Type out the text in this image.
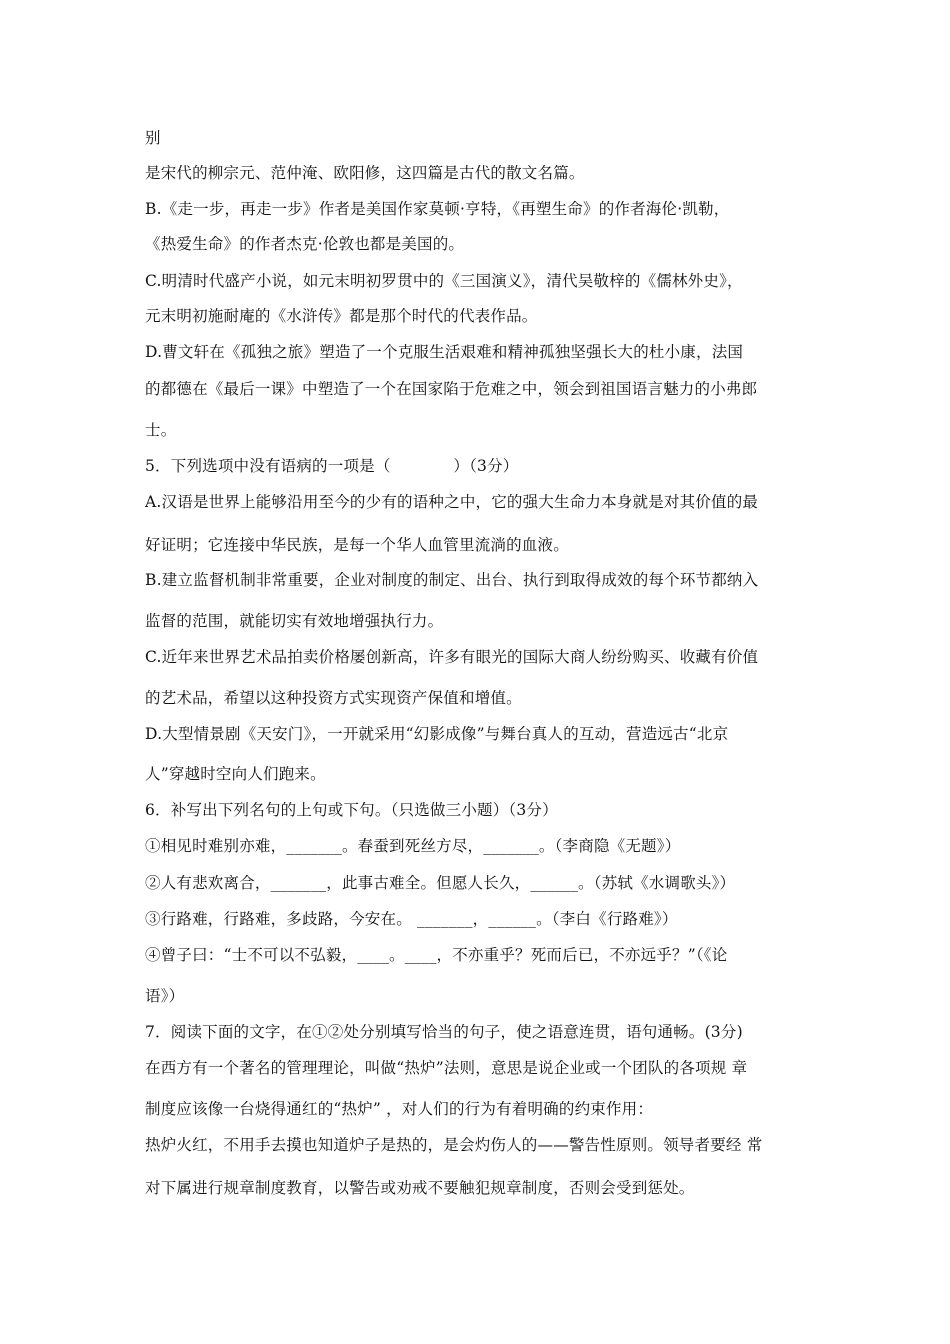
别
是宋代的柳宗元、范仲淹、欧阳修，这四篇是古代的散文名篇。
B.《走一步，再走一步》作者是美国作家莫顿·亨特，《再塑生命》的作者海伦·凯勒，
《热爱生命》的作者杰克·伦敦也都是美国的。
C.明清时代盛产小说，如元末明初罗贯中的《三国演义》，清代吴敬梓的《儒林外史》，
元末明初施耐庵的《水浒传》都是那个时代的代表作品。
D.曹文轩在《孤独之旅》塑造了一个克服生活艰难和精神孤独坚强长大的杜小康，法国
的都德在《最后一课》中塑造了一个在国家陷于危难之中，领会到祖国语言魅力的小弗郎
士。
5．下列选项中没有语病的一项是（　　　　）（3分）
A.汉语是世界上能够沿用至今的少有的语种之中，它的强大生命力本身就是对其价值的最
好证明；它连接中华民族，是每一个华人血管里流淌的血液。
B.建立监督机制非常重要，企业对制度的制定、出台、执行到取得成效的每个环节都纳入
监督的范围，就能切实有效地增强执行力。
C.近年来世界艺术品拍卖价格屡创新高，许多有眼光的国际大商人纷纷购买、收藏有价值
的艺术品，希望以这种投资方式实现资产保值和增值。
D.大型情景剧《天安门》，一开就采用“幻影成像”与舞台真人的互动，营造远古“北京
人”穿越时空向人们跑来。
6．补写出下列名句的上句或下句。（只选做三小题）（3分）
①相见时难别亦难，_______。春蚕到死丝方尽，_______。（李商隐《无题》）
②人有悲欢离合，_______，此事古难全。但愿人长久，______。（苏轼《水调歌头》）
③行路难，行路难，多歧路，今安在。 _______，______。（李白《行路难》）
④曾子曰：“士不可以不弘毅，____。____，不亦重乎？死而后已，不亦远乎？”（《论
语》）
7．阅读下面的文字，在①②处分别填写恰当的句子，使之语意连贯，语句通畅。(3分)
在西方有一个著名的管理理论，叫做“热炉”法则，意思是说企业或一个团队的各项规 章
制度应该像一台烧得通红的“热炉” ，对人们的行为有着明确的约束作用：
热炉火红，不用手去摸也知道炉子是热的，是会灼伤人的——警告性原则。领导者要经 常
对下属进行规章制度教育，以警告或劝戒不要触犯规章制度，否则会受到惩处。
